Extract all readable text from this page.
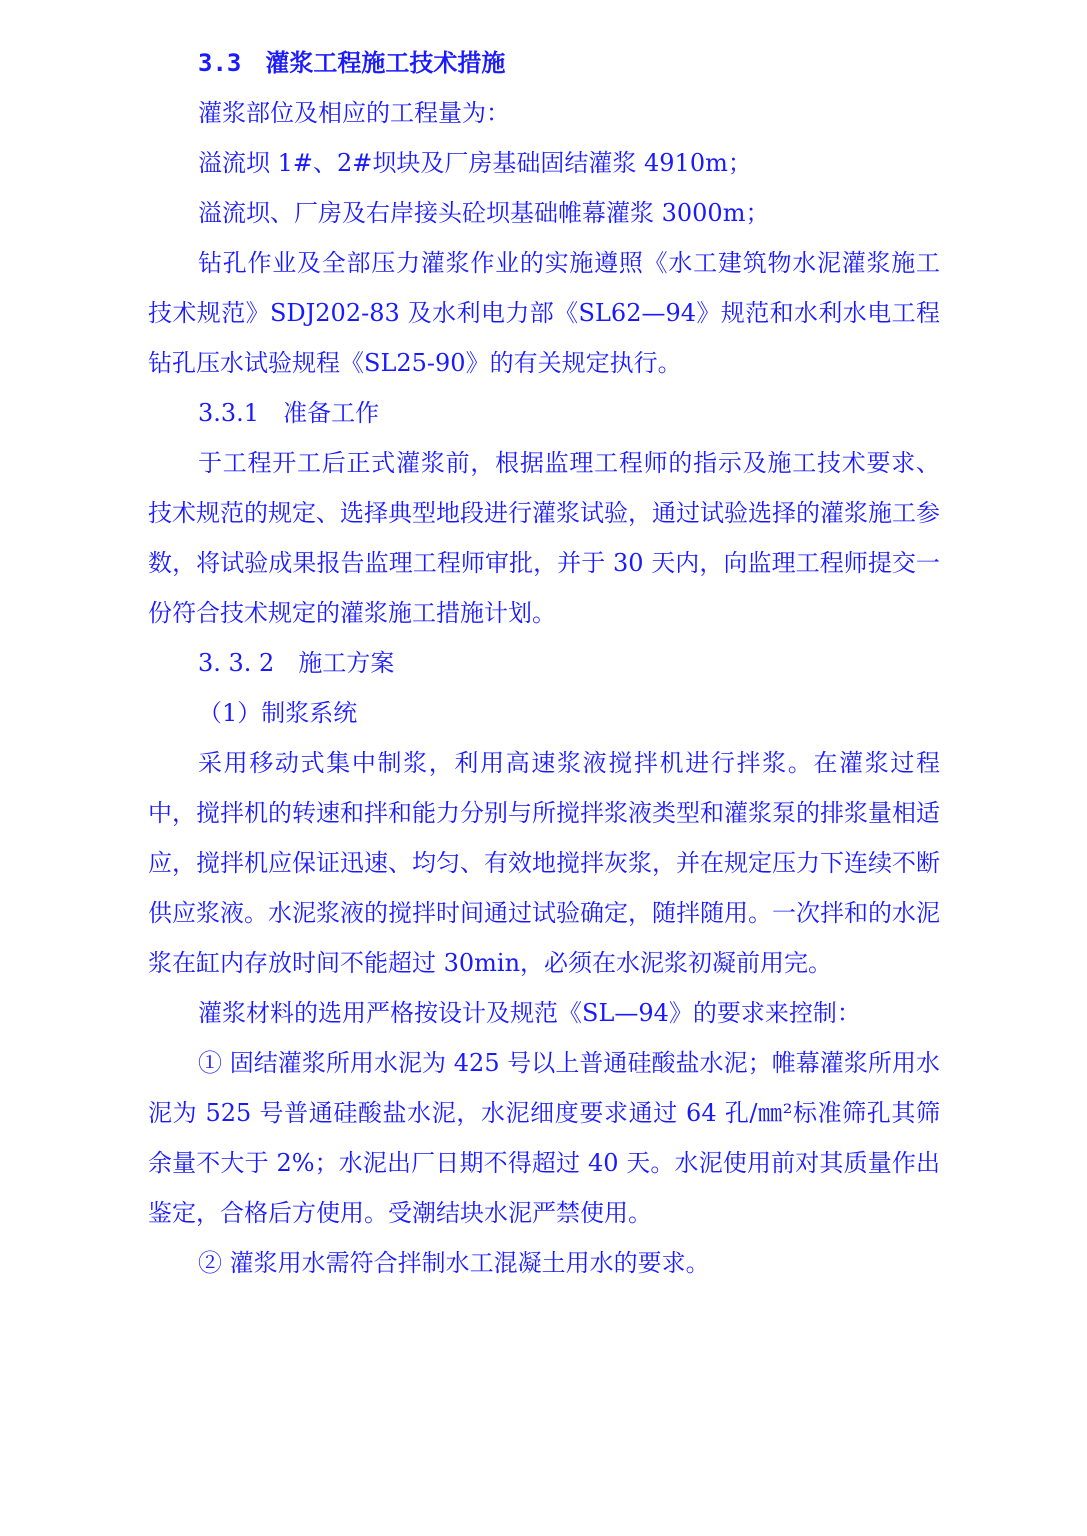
3.3 灌浆工程施工技术措施
灌浆部位及相应的工程量为：
溢流坝 1#、2#坝块及厂房基础固结灌浆 4910m；
溢流坝、厂房及右岸接头砼坝基础帷幕灌浆 3000m；

钻孔作业及全部压力灌浆作业的实施遵照《水工建筑物水泥灌浆施工技术规范》SDJ202-83 及水利电力部《SL62—94》规范和水利水电工程钻孔压水试验规程《SL25-90》的有关规定执行。

3.3.1 准备工作

于工程开工后正式灌浆前，根据监理工程师的指示及施工技术要求、技术规范的规定、选择典型地段进行灌浆试验，通过试验选择的灌浆施工参数，将试验成果报告监理工程师审批，并于 30 天内，向监理工程师提交一份符合技术规定的灌浆施工措施计划。

3. 3. 2 施工方案
（1）制浆系统

采用移动式集中制浆，利用高速浆液搅拌机进行拌浆。在灌浆过程中，搅拌机的转速和拌和能力分别与所搅拌浆液类型和灌浆泵的排浆量相适应，搅拌机应保证迅速、均匀、有效地搅拌灰浆，并在规定压力下连续不断供应浆液。水泥浆液的搅拌时间通过试验确定，随拌随用。一次拌和的水泥浆在缸内存放时间不能超过 30min，必须在水泥浆初凝前用完。

灌浆材料的选用严格按设计及规范《SL—94》的要求来控制：

① 固结灌浆所用水泥为 425 号以上普通硅酸盐水泥；帷幕灌浆所用水泥为 525 号普通硅酸盐水泥，水泥细度要求通过 64 孔/㎜²标准筛孔其筛余量不大于 2%；水泥出厂日期不得超过 40 天。水泥使用前对其质量作出鉴定，合格后方使用。受潮结块水泥严禁使用。

② 灌浆用水需符合拌制水工混凝土用水的要求。
